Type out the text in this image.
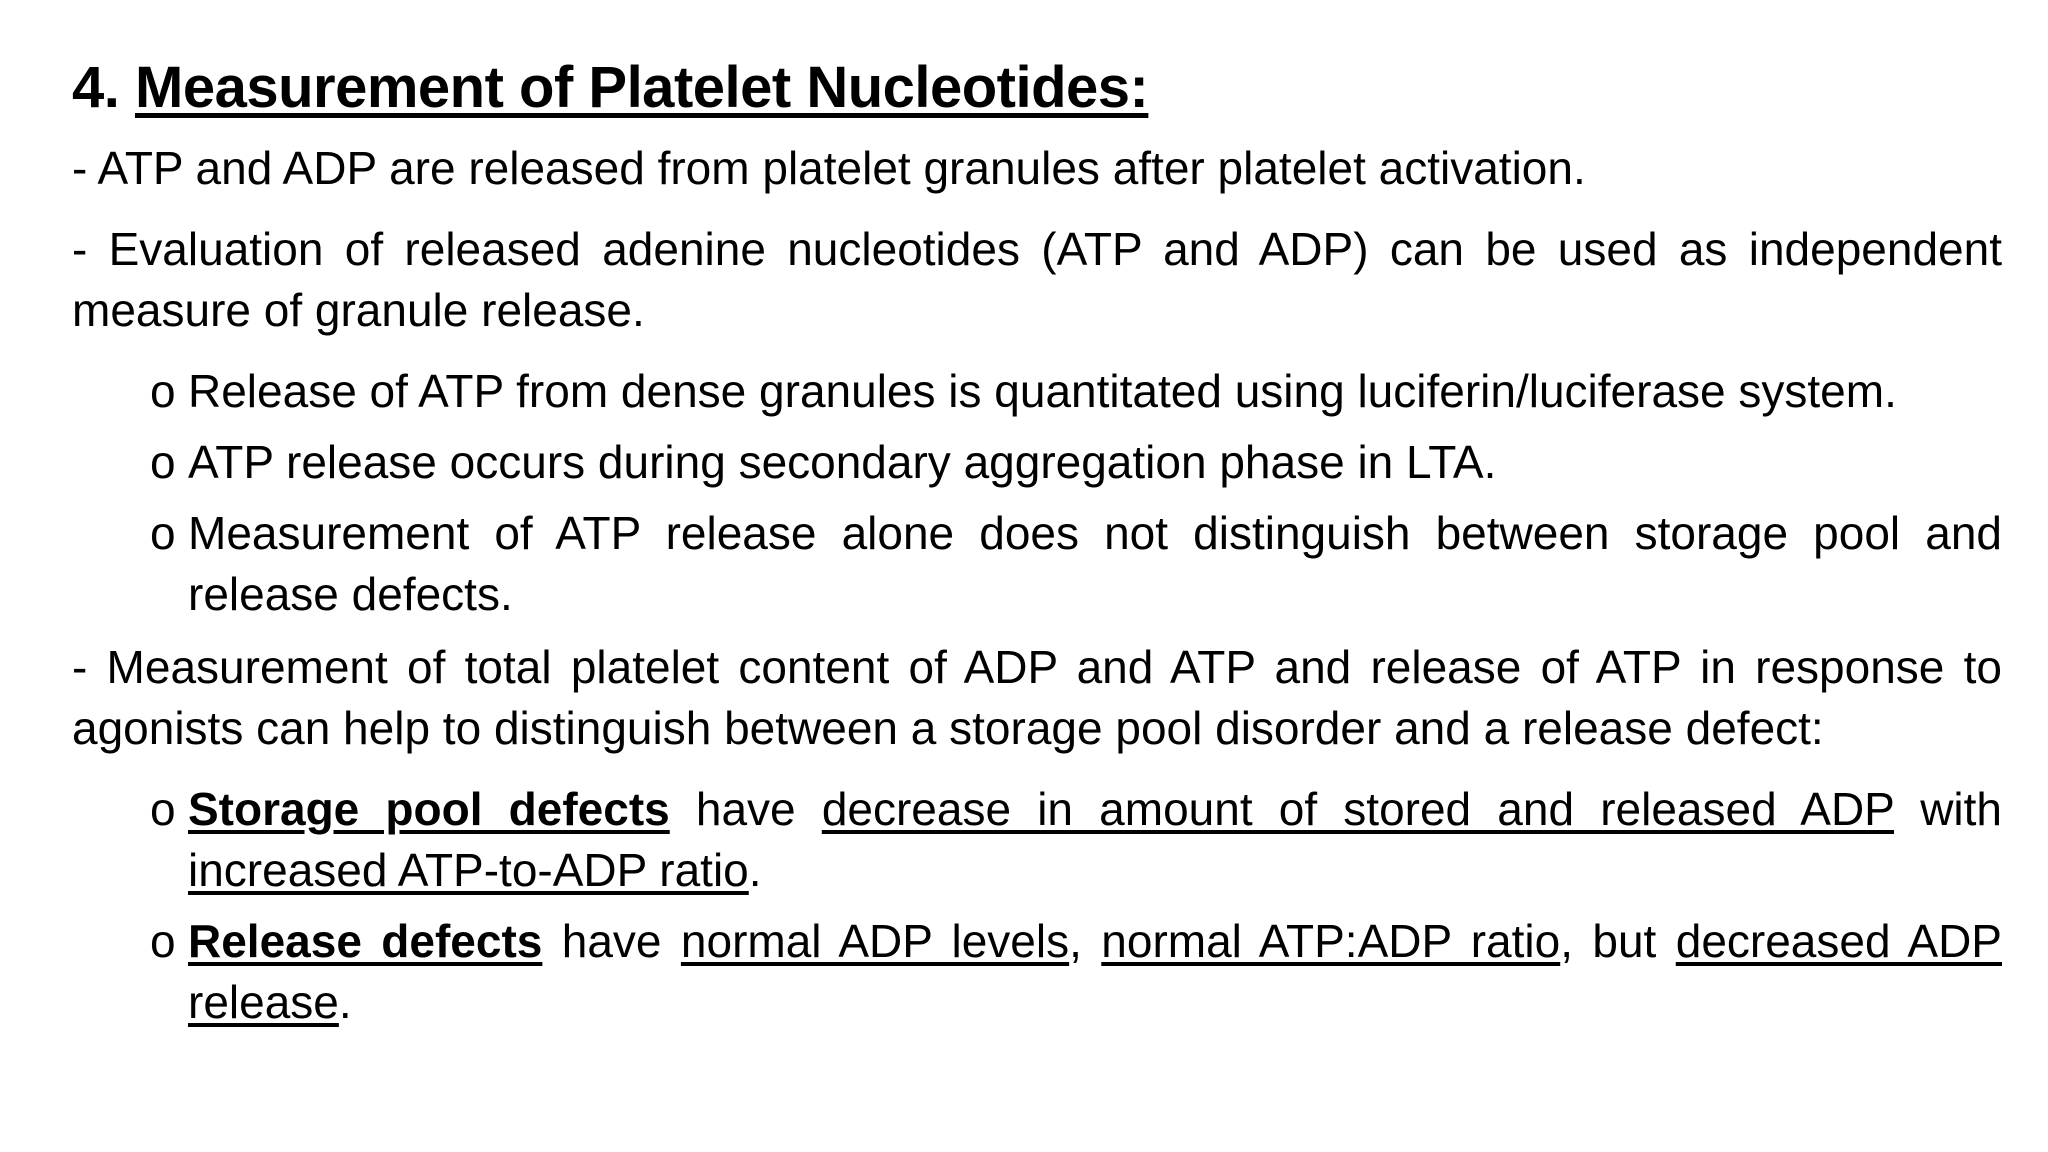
4. Measurement of Platelet Nucleotides:

- ATP and ADP are released from platelet granules after platelet activation.

- Evaluation of released adenine nucleotides (ATP and ADP) can be used as independent measure of granule release.

o Release of ATP from dense granules is quantitated using luciferin/luciferase system.
o ATP release occurs during secondary aggregation phase in LTA.
o Measurement of ATP release alone does not distinguish between storage pool and release defects.

- Measurement of total platelet content of ADP and ATP and release of ATP in response to agonists can help to distinguish between a storage pool disorder and a release defect:

o Storage pool defects have decrease in amount of stored and released ADP with increased ATP-to-ADP ratio.
o Release defects have normal ADP levels, normal ATP:ADP ratio, but decreased ADP release.
